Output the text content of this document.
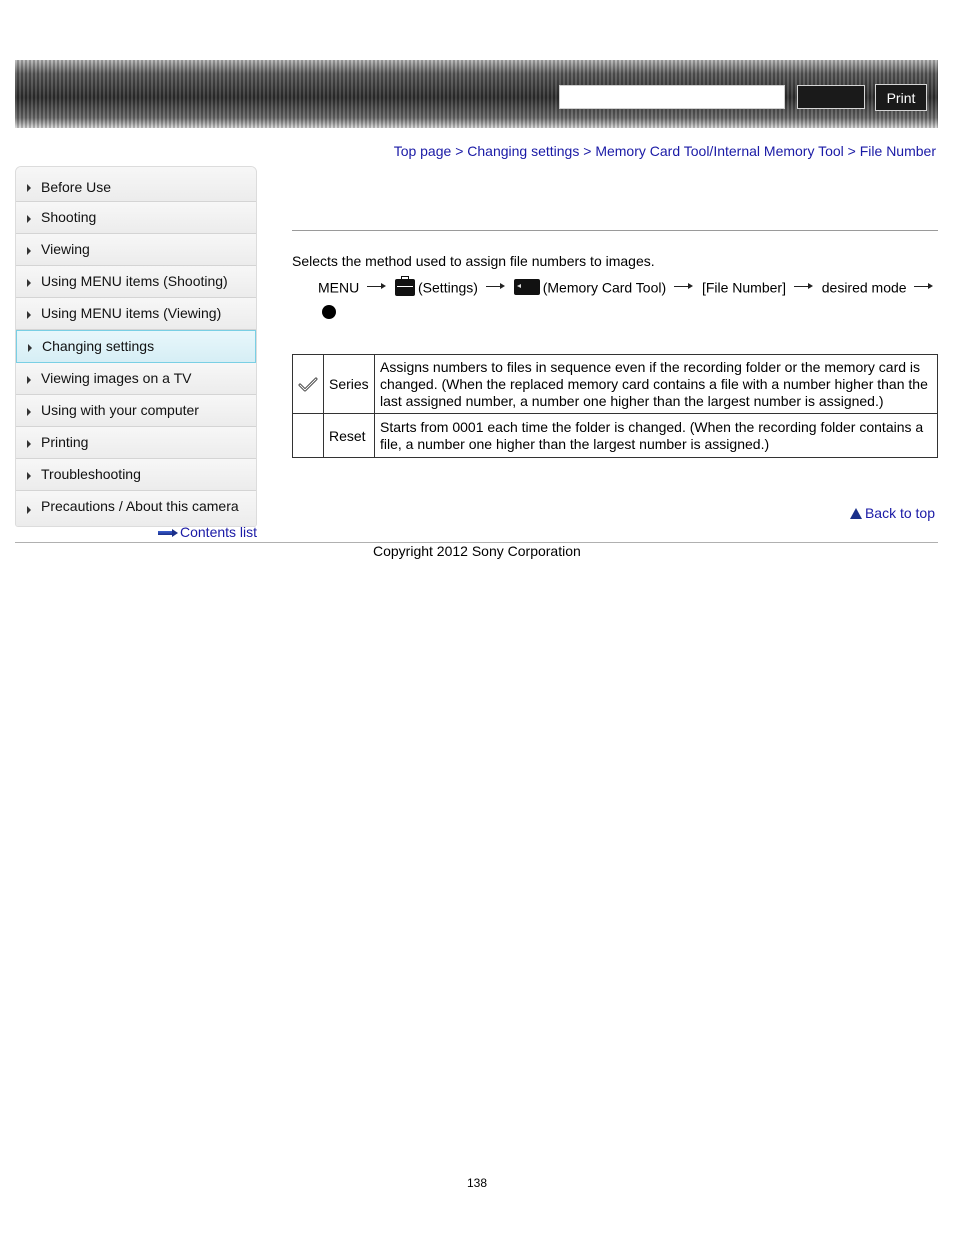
Print
Top page > Changing settings > Memory Card Tool/Internal Memory Tool > File Number
Before Use
Shooting
Viewing
Using MENU items (Shooting)
Using MENU items (Viewing)
Changing settings
Viewing images on a TV
Using with your computer
Printing
Troubleshooting
Precautions / About this camera
Contents list
Selects the method used to assign file numbers to images.
MENU	(Settings)	(Memory Card Tool)	[File Number]	desired mode
	Series	Assigns numbers to files in sequence even if the recording folder or the memory card is changed. (When the replaced memory card contains a file with a number higher than the last assigned number, a number one higher than the largest number is assigned.)
	Reset	Starts from 0001 each time the folder is changed. (When the recording folder contains a file, a number one higher than the largest number is assigned.)
Back to top
Copyright 2012 Sony Corporation
138
